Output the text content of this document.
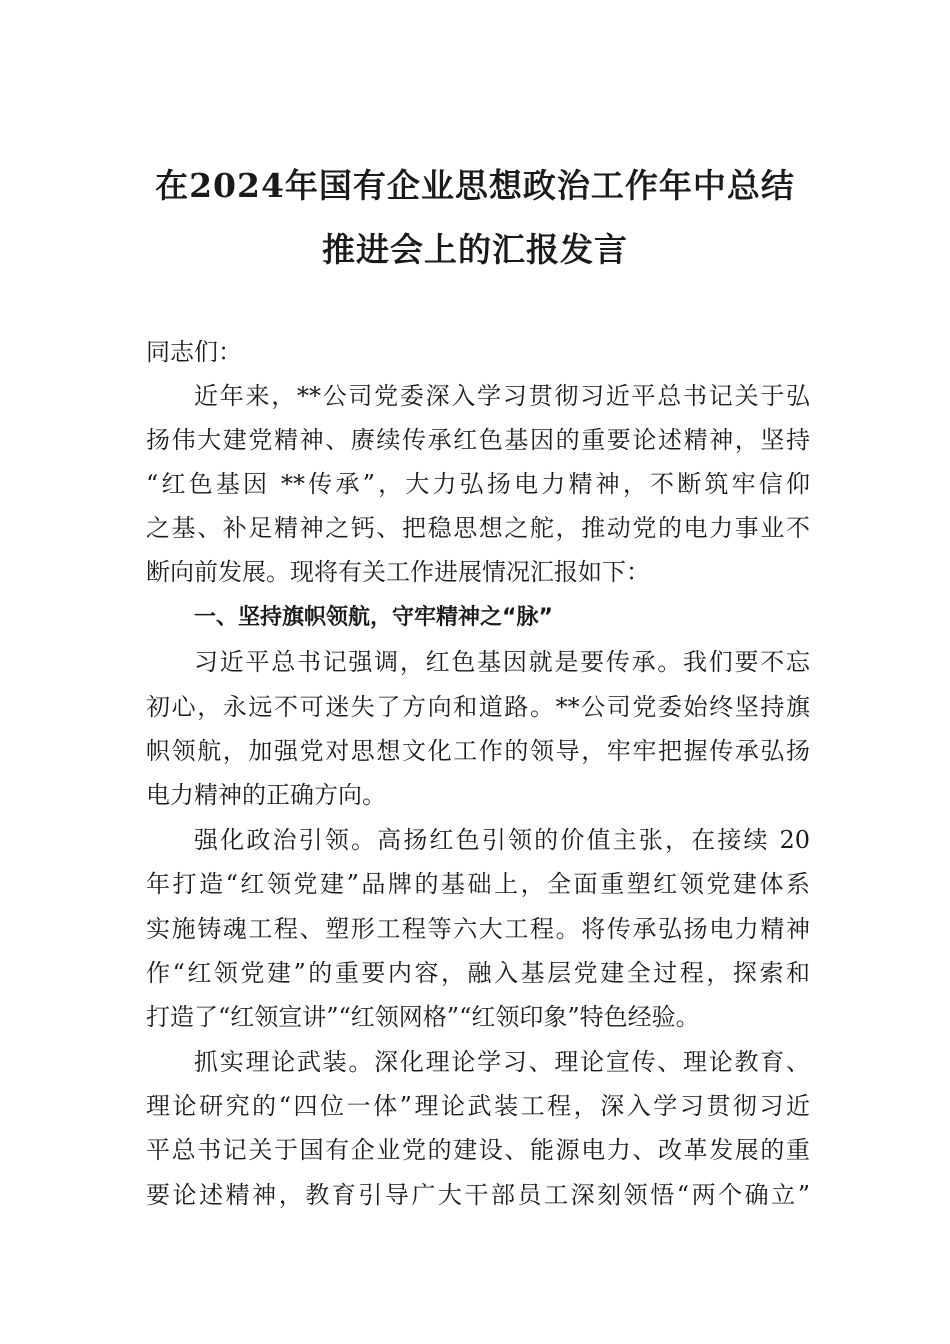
在2024年国有企业思想政治工作年中总结
推进会上的汇报发言
同志们：
近年来，**公司党委深入学习贯彻习近平总书记关于弘
扬伟大建党精神、赓续传承红色基因的重要论述精神，坚持
“红色基因 **传承”，大力弘扬电力精神，不断筑牢信仰
之基、补足精神之钙、把稳思想之舵，推动党的电力事业不
断向前发展。现将有关工作进展情况汇报如下：
一、坚持旗帜领航，守牢精神之“脉”
习近平总书记强调，红色基因就是要传承。我们要不忘
初心，永远不可迷失了方向和道路。**公司党委始终坚持旗
帜领航，加强党对思想文化工作的领导，牢牢把握传承弘扬
电力精神的正确方向。
强化政治引领。高扬红色引领的价值主张，在接续 20
年打造“红领党建”品牌的基础上，全面重塑红领党建体系
实施铸魂工程、塑形工程等六大工程。将传承弘扬电力精神
作“红领党建”的重要内容，融入基层党建全过程，探索和
打造了“红领宣讲”“红领网格”“红领印象”特色经验。
抓实理论武装。深化理论学习、理论宣传、理论教育、
理论研究的“四位一体”理论武装工程，深入学习贯彻习近
平总书记关于国有企业党的建设、能源电力、改革发展的重
要论述精神，教育引导广大干部员工深刻领悟“两个确立”
